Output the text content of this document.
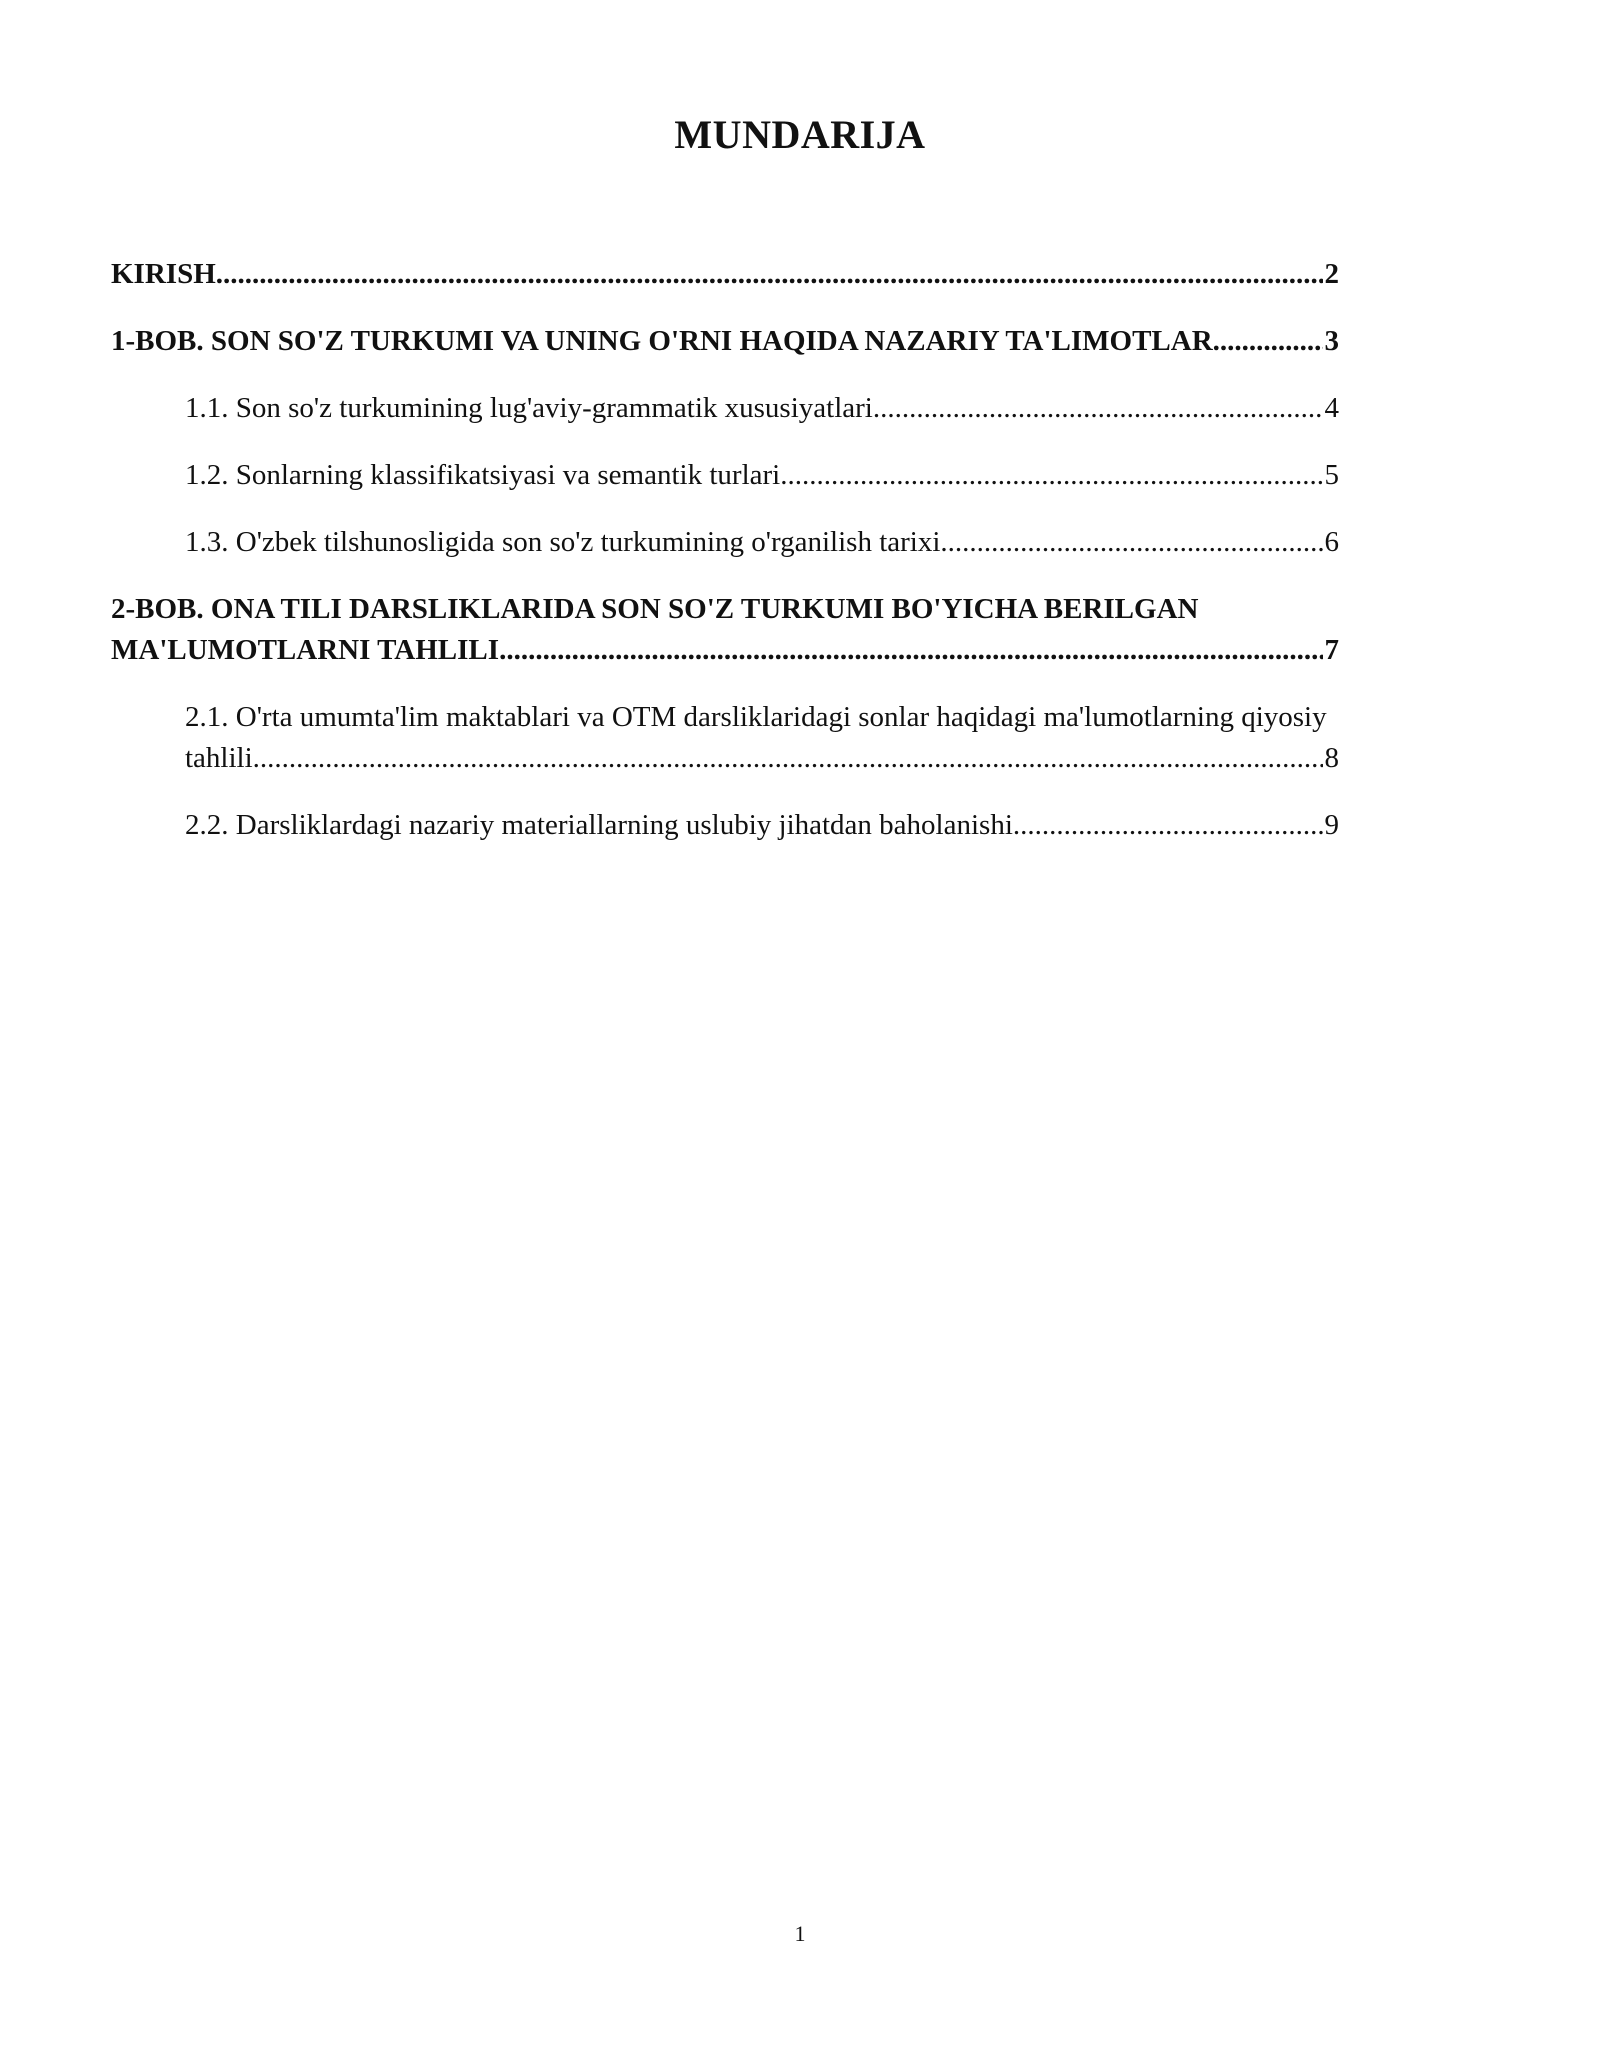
MUNDARIJA
KIRISH .....	2
1-BOB. SON SO'Z TURKUMI VA UNING O'RNI HAQIDA NAZARIY TA'LIMOTLAR .....	3
1.1. Son so'z turkumining lug'aviy-grammatik xususiyatlari .....	4
1.2. Sonlarning klassifikatsiyasi va semantik turlari .....	5
1.3. O'zbek tilshunosligida son so'z turkumining o'rganilish tarixi .....	6
2-BOB. ONA TILI DARSLIKLARIDA SON SO'Z TURKUMI BO'YICHA BERILGAN
MA'LUMOTLARNI TAHLILI .....	7
2.1. O'rta umumta'lim maktablari va OTM darsliklaridagi sonlar haqidagi ma'lumotlarning qiyosiy
tahlili .....	8
2.2. Darsliklardagi nazariy materiallarning uslubiy jihatdan baholanishi .....	9
1
